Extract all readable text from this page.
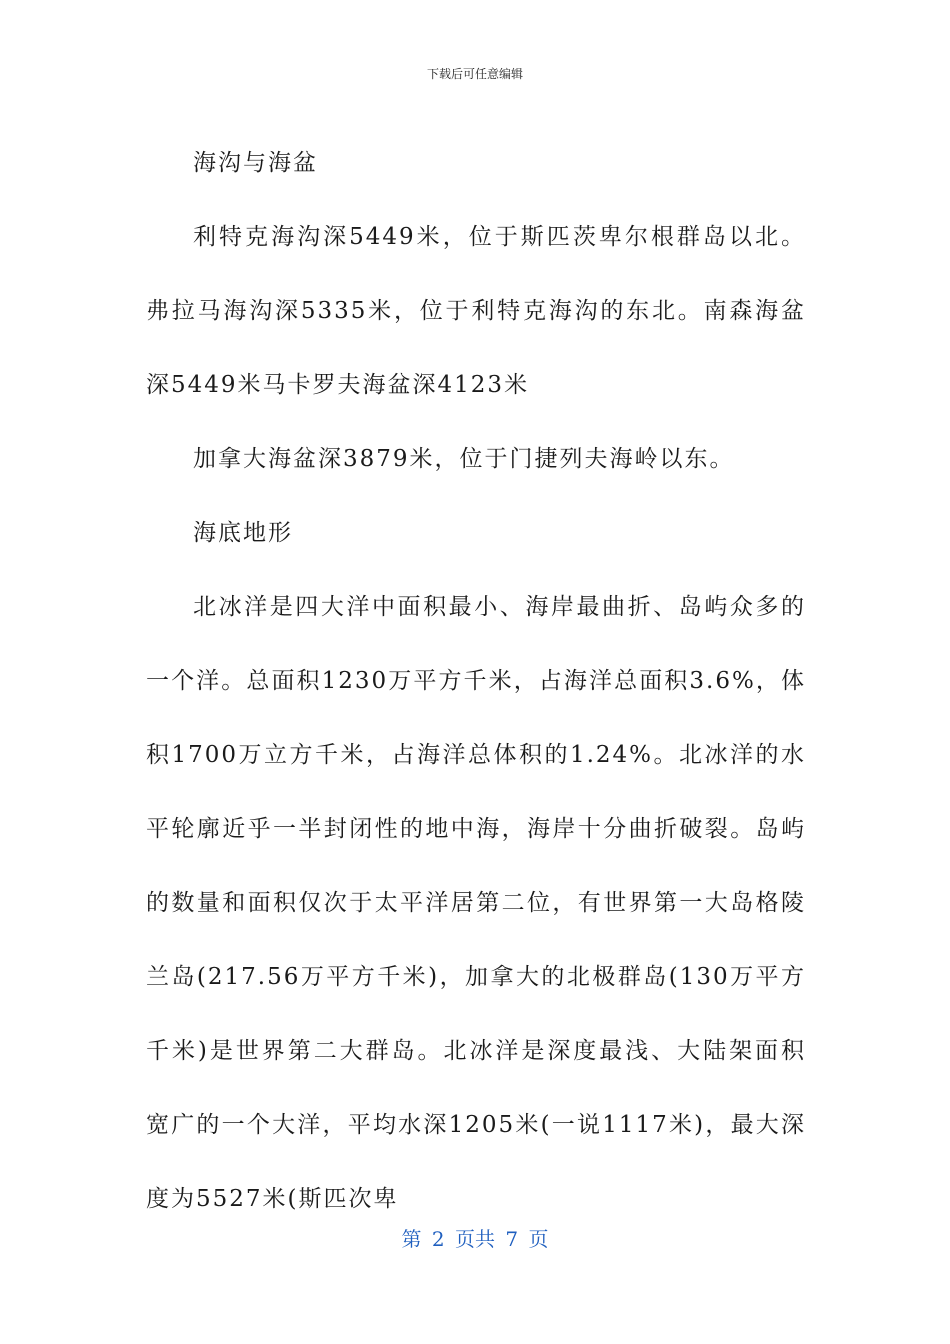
下载后可任意编辑

海沟与海盆

利特克海沟深5449米，位于斯匹茨卑尔根群岛以北。弗拉马海沟深5335米，位于利特克海沟的东北。南森海盆深5449米马卡罗夫海盆深4123米

加拿大海盆深3879米，位于门捷列夫海岭以东。

海底地形

北冰洋是四大洋中面积最小、海岸最曲折、岛屿众多的一个洋。总面积1230万平方千米，占海洋总面积3.6%，体积1700万立方千米，占海洋总体积的1.24%。北冰洋的水平轮廓近乎一半封闭性的地中海，海岸十分曲折破裂。岛屿的数量和面积仅次于太平洋居第二位，有世界第一大岛格陵兰岛(217.56万平方千米)，加拿大的北极群岛(130万平方千米)是世界第二大群岛。北冰洋是深度最浅、大陆架面积宽广的一个大洋，平均水深1205米(一说1117米)，最大深度为5527米(斯匹次卑

第 2 页共 7 页
